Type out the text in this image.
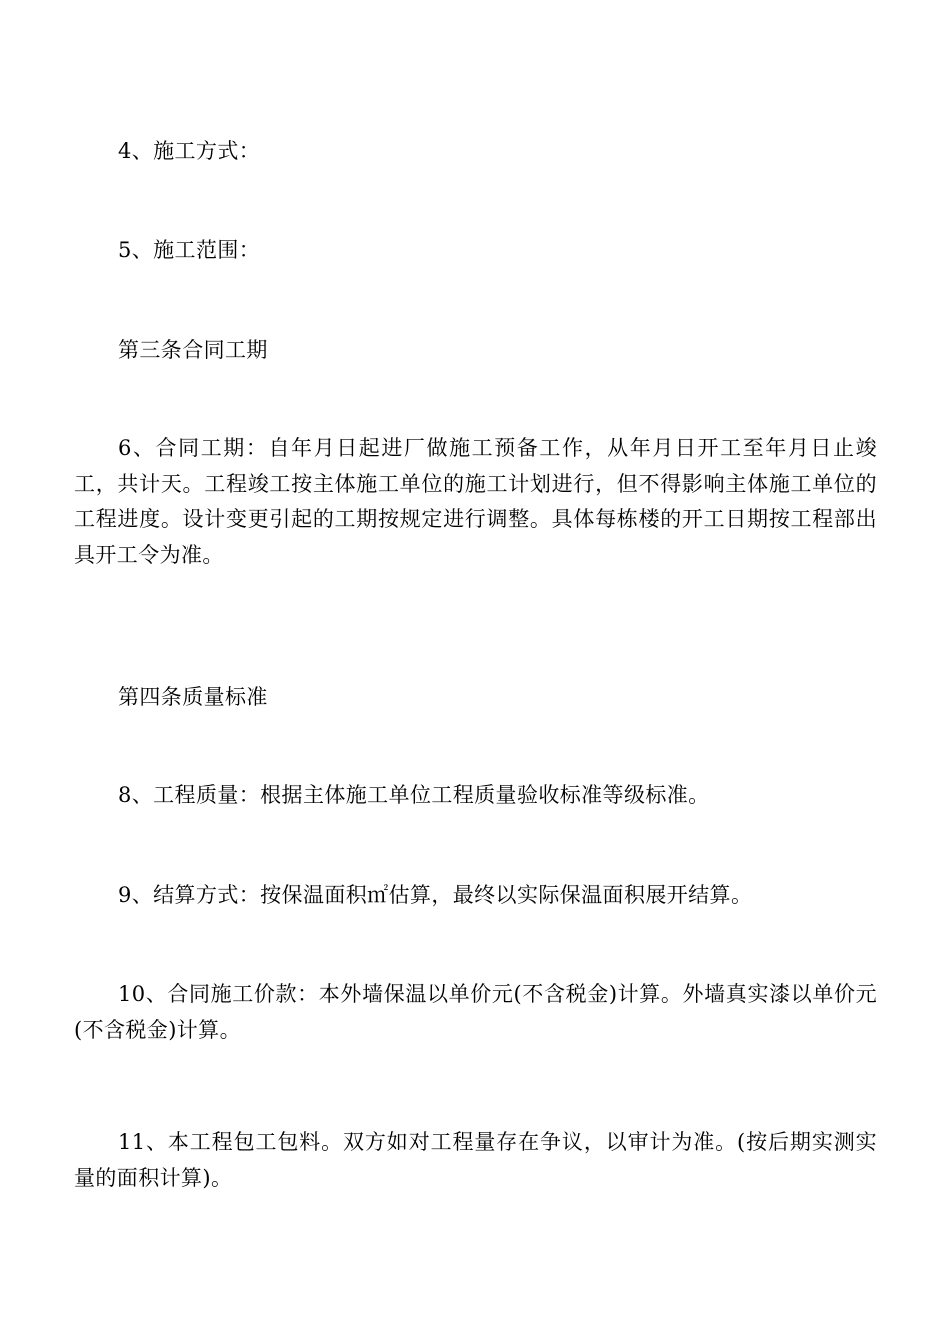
4、施工方式：

5、施工范围：

第三条合同工期

6、合同工期：自年月日起进厂做施工预备工作，从年月日开工至年月日止竣工，共计天。工程竣工按主体施工单位的施工计划进行，但不得影响主体施工单位的工程进度。设计变更引起的工期按规定进行调整。具体每栋楼的开工日期按工程部出具开工令为准。

第四条质量标准

8、工程质量：根据主体施工单位工程质量验收标准等级标准。

9、结算方式：按保温面积㎡估算，最终以实际保温面积展开结算。

10、合同施工价款：本外墙保温以单价元(不含税金)计算。外墙真实漆以单价元(不含税金)计算。

11、本工程包工包料。双方如对工程量存在争议，以审计为准。(按后期实测实量的面积计算)。
